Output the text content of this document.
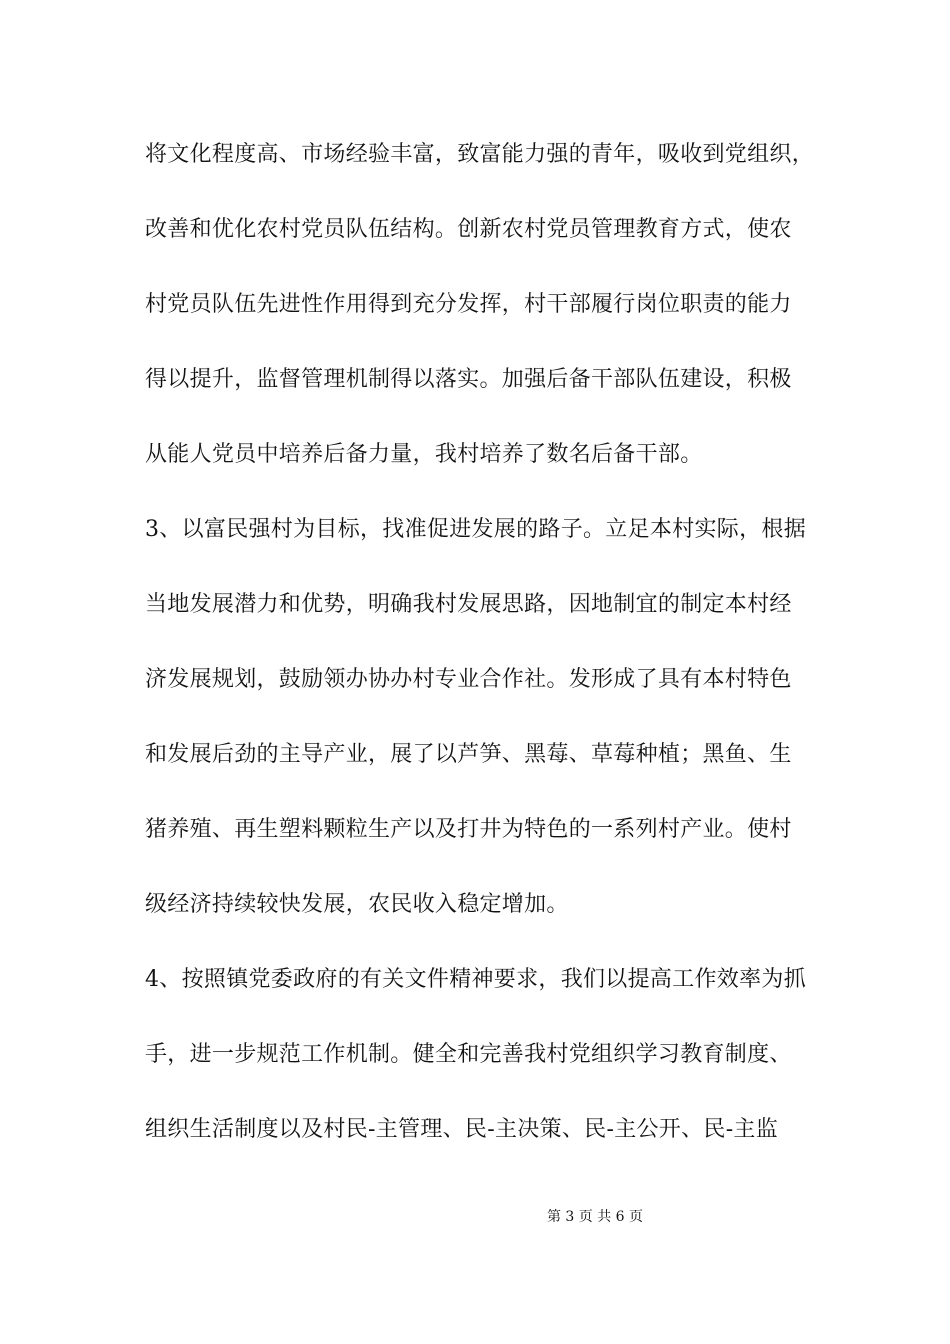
将文化程度高、市场经验丰富，致富能力强的青年，吸收到党组织，
改善和优化农村党员队伍结构。创新农村党员管理教育方式，使农
村党员队伍先进性作用得到充分发挥，村干部履行岗位职责的能力
得以提升，监督管理机制得以落实。加强后备干部队伍建设，积极
从能人党员中培养后备力量，我村培养了数名后备干部。
3、以富民强村为目标，找准促进发展的路子。立足本村实际，根据
当地发展潜力和优势，明确我村发展思路，因地制宜的制定本村经
济发展规划，鼓励领办协办村专业合作社。发形成了具有本村特色
和发展后劲的主导产业，展了以芦笋、黑莓、草莓种植；黑鱼、生
猪养殖、再生塑料颗粒生产以及打井为特色的一系列村产业。使村
级经济持续较快发展，农民收入稳定增加。
4、按照镇党委政府的有关文件精神要求，我们以提高工作效率为抓
手，进一步规范工作机制。健全和完善我村党组织学习教育制度、
组织生活制度以及村民-主管理、民-主决策、民-主公开、民-主监
第 3 页 共 6 页
